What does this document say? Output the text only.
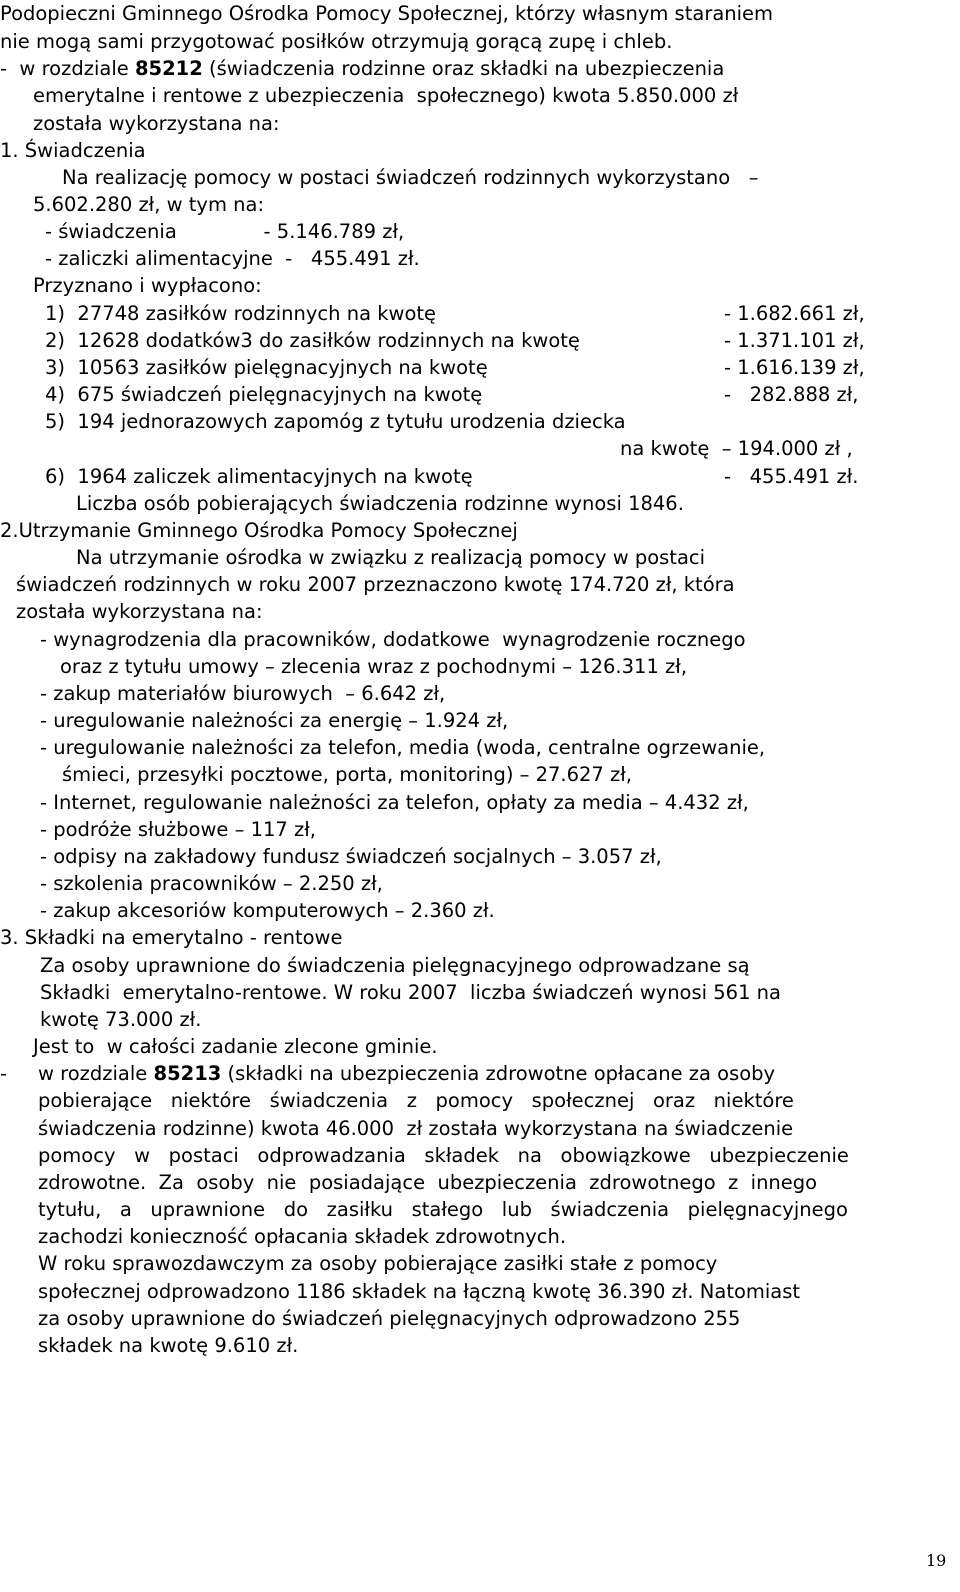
Podopieczni Gminnego Ośrodka Pomocy Społecznej, którzy własnym staraniem
nie mogą sami przygotować posiłków otrzymują gorącą zupę i chleb.
-  w rozdziale 85212 (świadczenia rodzinne oraz składki na ubezpieczenia
emerytalne i rentowe z ubezpieczenia  społecznego) kwota 5.850.000 zł
została wykorzystana na:
1. Świadczenia
Na realizację pomocy w postaci świadczeń rodzinnych wykorzystano   –
5.602.280 zł, w tym na:
- świadczenia              - 5.146.789 zł,
- zaliczki alimentacyjne  -   455.491 zł.
Przyznano i wypłacono:
1)  27748 zasiłków rodzinnych na kwotę	- 1.682.661 zł,
2)  12628 dodatków3 do zasiłków rodzinnych na kwotę	- 1.371.101 zł,
3)  10563 zasiłków pielęgnacyjnych na kwotę	- 1.616.139 zł,
4)  675 świadczeń pielęgnacyjnych na kwotę	-   282.888 zł,
5)  194 jednorazowych zapomóg z tytułu urodzenia dziecka
na kwotę  – 194.000 zł ,
6)  1964 zaliczek alimentacyjnych na kwotę	-   455.491 zł.
Liczba osób pobierających świadczenia rodzinne wynosi 1846.
2.Utrzymanie Gminnego Ośrodka Pomocy Społecznej
Na utrzymanie ośrodka w związku z realizacją pomocy w postaci
świadczeń rodzinnych w roku 2007 przeznaczono kwotę 174.720 zł, która
została wykorzystana na:
- wynagrodzenia dla pracowników, dodatkowe  wynagrodzenie rocznego
oraz z tytułu umowy – zlecenia wraz z pochodnymi – 126.311 zł,
- zakup materiałów biurowych  – 6.642 zł,
- uregulowanie należności za energię – 1.924 zł,
- uregulowanie należności za telefon, media (woda, centralne ogrzewanie,
śmieci, przesyłki pocztowe, porta, monitoring) – 27.627 zł,
- Internet, regulowanie należności za telefon, opłaty za media – 4.432 zł,
- podróże służbowe – 117 zł,
- odpisy na zakładowy fundusz świadczeń socjalnych – 3.057 zł,
- szkolenia pracowników – 2.250 zł,
- zakup akcesoriów komputerowych – 2.360 zł.
3. Składki na emerytalno - rentowe
Za osoby uprawnione do świadczenia pielęgnacyjnego odprowadzane są
Składki  emerytalno-rentowe. W roku 2007  liczba świadczeń wynosi 561 na
kwotę 73.000 zł.
Jest to  w całości zadanie zlecone gminie.
- w rozdziale 85213 (składki na ubezpieczenia zdrowotne opłacane za osoby
pobierające   niektóre   świadczenia   z   pomocy   społecznej   oraz   niektóre
świadczenia rodzinne) kwota 46.000  zł została wykorzystana na świadczenie
pomocy   w   postaci   odprowadzania   składek   na   obowiązkowe   ubezpieczenie
zdrowotne.  Za  osoby  nie  posiadające  ubezpieczenia  zdrowotnego  z  innego
tytułu,   a   uprawnione   do   zasiłku   stałego   lub   świadczenia   pielęgnacyjnego
zachodzi konieczność opłacania składek zdrowotnych.
W roku sprawozdawczym za osoby pobierające zasiłki stałe z pomocy
społecznej odprowadzono 1186 składek na łączną kwotę 36.390 zł. Natomiast
za osoby uprawnione do świadczeń pielęgnacyjnych odprowadzono 255
składek na kwotę 9.610 zł.
19
